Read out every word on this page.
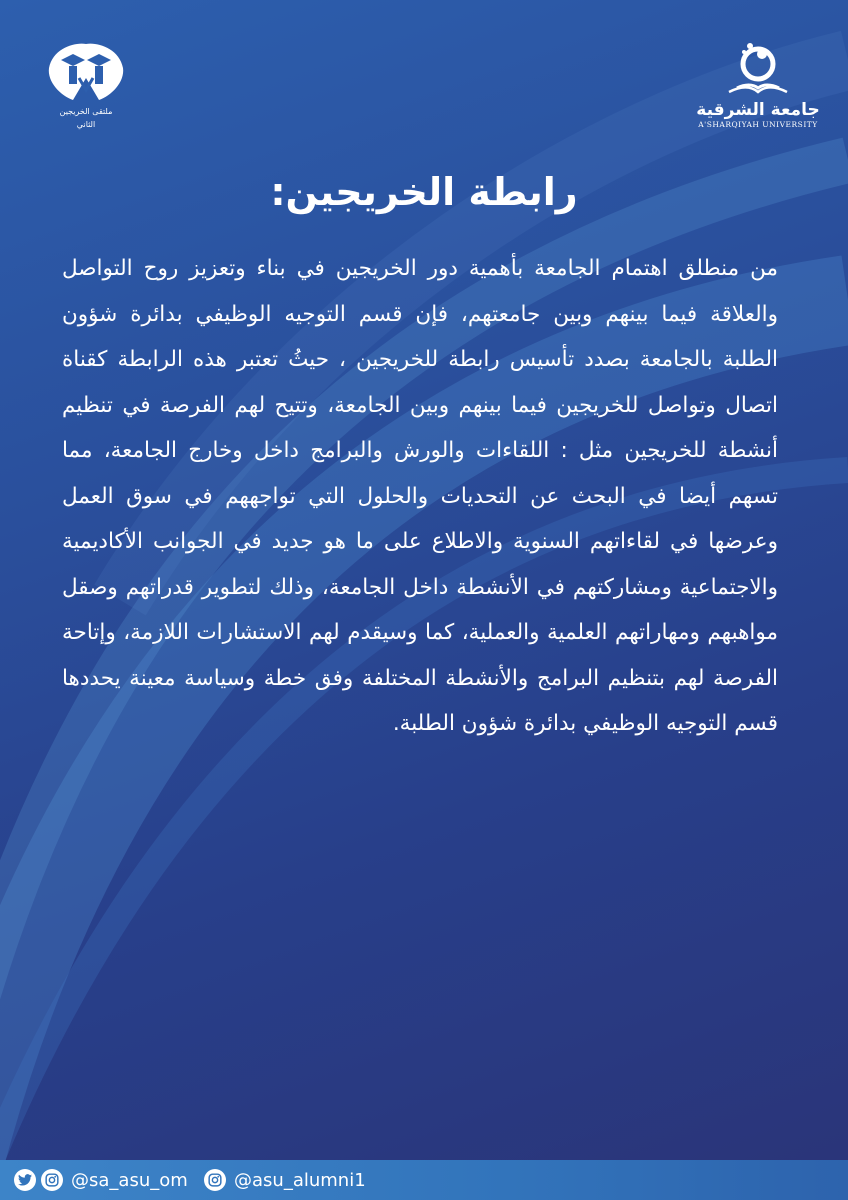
ملتقى الخريجين
الثاني
جامعة الشرقية
A'SHARQIYAH UNIVERSITY
رابطة الخريجين:
من منطلق اهتمام الجامعة بأهمية دور الخريجين في بناء وتعزيز روح التواصل والعلاقة فيما بينهم وبين جامعتهم، فإن قسم التوجيه الوظيفي بدائرة شؤون الطلبة بالجامعة بصدد تأسيس رابطة للخريجين ، حيثُ تعتبر هذه الرابطة كقناة اتصال وتواصل للخريجين فيما بينهم وبين الجامعة، وتتيح لهم الفرصة في تنظيم أنشطة للخريجين مثل : اللقاءات والورش والبرامج داخل وخارج الجامعة، مما تسهم أيضا في البحث عن التحديات والحلول التي تواجههم في سوق العمل وعرضها في لقاءاتهم السنوية والاطلاع على ما هو جديد في الجوانب الأكاديمية والاجتماعية ومشاركتهم في الأنشطة داخل الجامعة، وذلك لتطوير قدراتهم وصقل مواهبهم ومهاراتهم العلمية والعملية، كما وسيقدم لهم الاستشارات اللازمة، وإتاحة الفرصة لهم بتنظيم البرامج والأنشطة المختلفة وفق خطة وسياسة معينة يحددها قسم التوجيه الوظيفي بدائرة شؤون الطلبة.
@sa_asu_om	@asu_alumni1
